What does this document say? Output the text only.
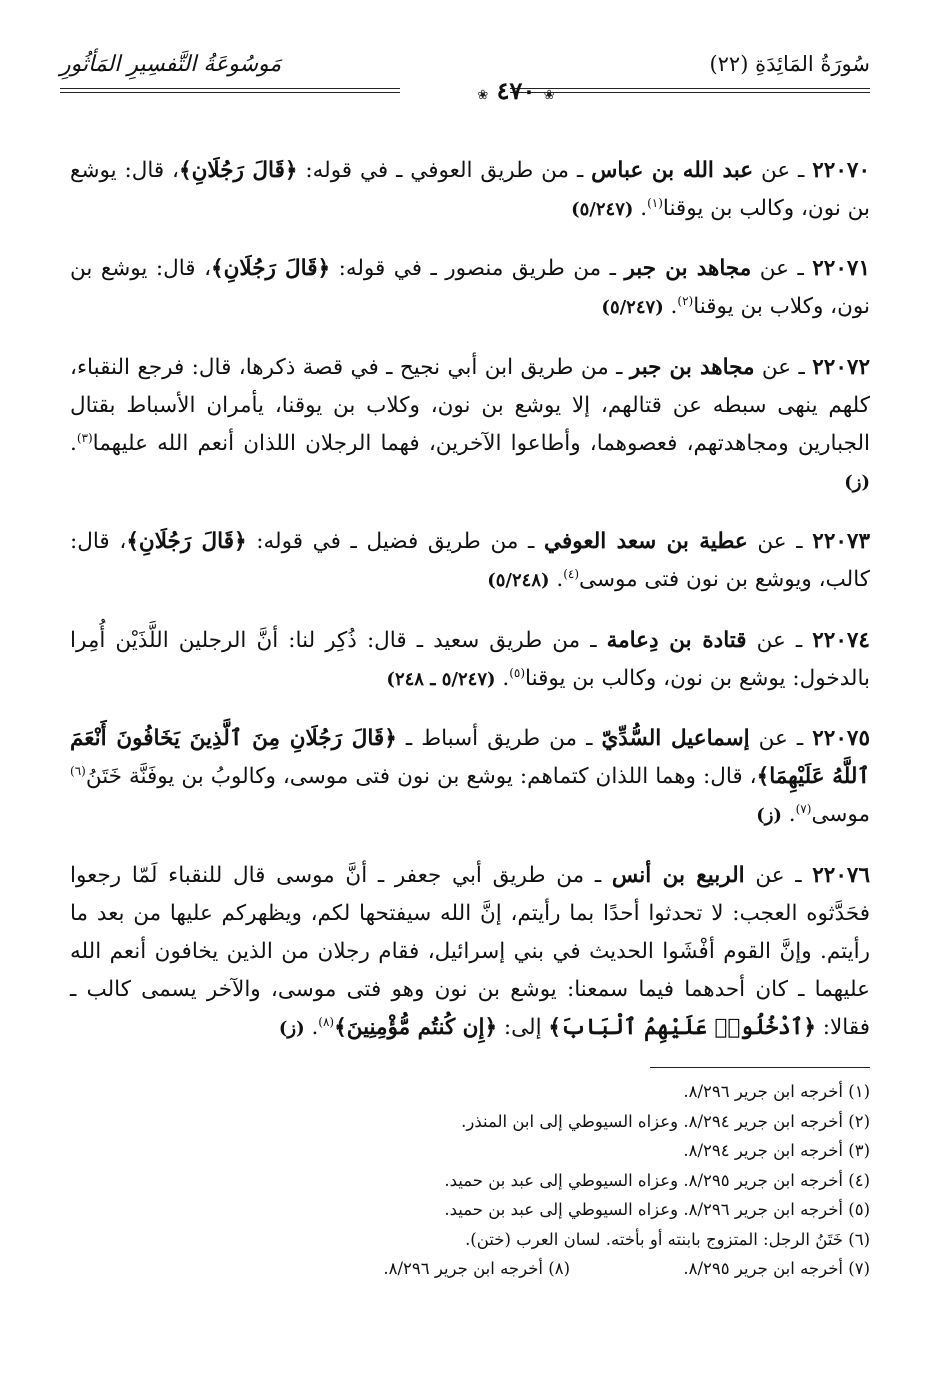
سُورَةُ المَائِدَةِ (٢٢)
مَوسُوعَةُ التَّفسِيرِ المَأثُورِ
❀ ٤٧٠ ❀

٢٢٠٧٠ ـ عن عبد الله بن عباس ـ من طريق العوفي ـ في قوله: ﴿قَالَ رَجُلَانِ﴾، قال: يوشع بن نون، وكالب بن يوقنا$^{(١)}$. (٥/٢٤٧)

٢٢٠٧١ ـ عن مجاهد بن جبر ـ من طريق منصور ـ في قوله: ﴿قَالَ رَجُلَانِ﴾، قال: يوشع بن نون، وكلاب بن يوقنا$^{(٢)}$. (٥/٢٤٧)

٢٢٠٧٢ ـ عن مجاهد بن جبر ـ من طريق ابن أبي نجيح ـ في قصة ذكرها، قال: فرجع النقباء، كلهم ينهى سبطه عن قتالهم، إلا يوشع بن نون، وكلاب بن يوقنا، يأمران الأسباط بقتال الجبارين ومجاهدتهم، فعصوهما، وأطاعوا الآخرين، فهما الرجلان اللذان أنعم الله عليهما$^{(٣)}$. (ز)

٢٢٠٧٣ ـ عن عطية بن سعد العوفي ـ من طريق فضيل ـ في قوله: ﴿قَالَ رَجُلَانِ﴾، قال: كالب، ويوشع بن نون فتى موسى$^{(٤)}$. (٥/٢٤٨)

٢٢٠٧٤ ـ عن قتادة بن دِعامة ـ من طريق سعيد ـ قال: ذُكِر لنا: أنَّ الرجلين اللَّذَيْن أُمِرا بالدخول: يوشع بن نون، وكالب بن يوقنا$^{(٥)}$. (٥/٢٤٧ ـ ٢٤٨)

٢٢٠٧٥ ـ عن إسماعيل السُّدِّيّ ـ من طريق أسباط ـ ﴿قَالَ رَجُلَانِ مِنَ ٱلَّذِينَ يَخَافُونَ أَنْعَمَ ٱللَّهُ عَلَيْهِمَا﴾، قال: وهما اللذان كتماهم: يوشع بن نون فتى موسى، وكالوبُ بن يوفَنَّة خَتَنُ$^{(٦)}$ موسى$^{(٧)}$. (ز)

٢٢٠٧٦ ـ عن الربيع بن أنس ـ من طريق أبي جعفر ـ أنَّ موسى قال للنقباء لَمّا رجعوا فحَدَّثوه العجب: لا تحدثوا أحدًا بما رأيتم، إنَّ الله سيفتحها لكم، ويظهركم عليها من بعد ما رأيتم. وإنَّ القوم أفْشَوا الحديث في بني إسرائيل، فقام رجلان من الذين يخافون أنعم الله عليهما ـ كان أحدهما فيما سمعنا: يوشع بن نون وهو فتى موسى، والآخر يسمى كالب ـ فقالا: ﴿ٱدْخُلُوا۟ عَلَيْهِمُ ٱلْبَابَ﴾ إلى: ﴿إِن كُنتُم مُّؤْمِنِينَ﴾$^{(٨)}$. (ز)

(١) أخرجه ابن جرير ٨/٢٩٦.
(٢) أخرجه ابن جرير ٨/٢٩٤. وعزاه السيوطي إلى ابن المنذر.
(٣) أخرجه ابن جرير ٨/٢٩٤.
(٤) أخرجه ابن جرير ٨/٢٩٥. وعزاه السيوطي إلى عبد بن حميد.
(٥) أخرجه ابن جرير ٨/٢٩٦. وعزاه السيوطي إلى عبد بن حميد.
(٦) خَتَنُ الرجل: المتزوج بابنته أو بأخته. لسان العرب (ختن).
(٧) أخرجه ابن جرير ٨/٢٩٥.
(٨) أخرجه ابن جرير ٨/٢٩٦.
